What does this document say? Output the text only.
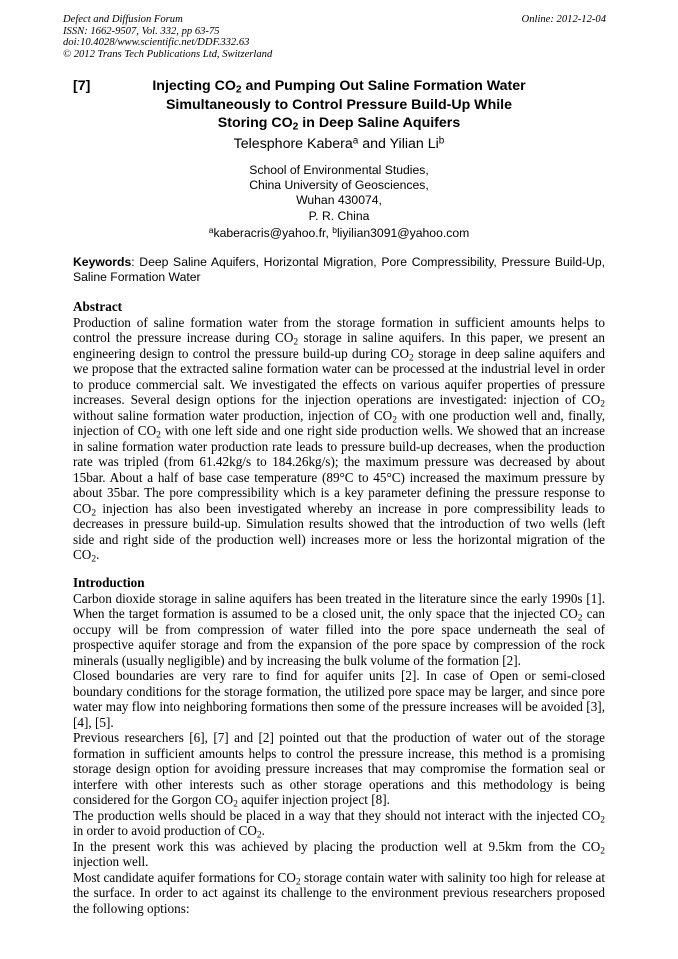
Defect and Diffusion Forum
ISSN: 1662-9507, Vol. 332, pp 63-75
doi:10.4028/www.scientific.net/DDF.332.63
© 2012 Trans Tech Publications Ltd, Switzerland
Online: 2012-12-04
[7]	Injecting $CO_2$ and Pumping Out Saline Formation Water
Simultaneously to Control Pressure Build-Up While
Storing $CO_2$ in Deep Saline Aquifers
Telesphore Kabera$^a$ and Yilian Li$^b$
School of Environmental Studies,
China University of Geosciences,
Wuhan 430074,
P. R. China
$^a$kaberacris@yahoo.fr, $^b$liyilian3091@yahoo.com
Keywords: Deep Saline Aquifers, Horizontal Migration, Pore Compressibility, Pressure Build-Up, Saline Formation Water
Abstract

Production of saline formation water from the storage formation in sufficient amounts helps to control the pressure increase during $CO_2$ storage in saline aquifers. In this paper, we present an engineering design to control the pressure build-up during $CO_2$ storage in deep saline aquifers and we propose that the extracted saline formation water can be processed at the industrial level in order to produce commercial salt. We investigated the effects on various aquifer properties of pressure increases. Several design options for the injection operations are investigated: injection of $CO_2$ without saline formation water production, injection of $CO_2$ with one production well and, finally, injection of $CO_2$ with one left side and one right side production wells. We showed that an increase in saline formation water production rate leads to pressure build-up decreases, when the production rate was tripled (from 61.42kg/s to 184.26kg/s); the maximum pressure was decreased by about 15bar. About a half of base case temperature (89°C to 45°C) increased the maximum pressure by about 35bar. The pore compressibility which is a key parameter defining the pressure response to $CO_2$ injection has also been investigated whereby an increase in pore compressibility leads to decreases in pressure build-up. Simulation results showed that the introduction of two wells (left side and right side of the production well) increases more or less the horizontal migration of the $CO_2$.

Introduction

Carbon dioxide storage in saline aquifers has been treated in the literature since the early 1990s [1]. When the target formation is assumed to be a closed unit, the only space that the injected $CO_2$ can occupy will be from compression of water filled into the pore space underneath the seal of prospective aquifer storage and from the expansion of the pore space by compression of the rock minerals (usually negligible) and by increasing the bulk volume of the formation [2].

Closed boundaries are very rare to find for aquifer units [2]. In case of Open or semi-closed boundary conditions for the storage formation, the utilized pore space may be larger, and since pore water may flow into neighboring formations then some of the pressure increases will be avoided [3], [4], [5].

Previous researchers [6], [7] and [2] pointed out that the production of water out of the storage formation in sufficient amounts helps to control the pressure increase, this method is a promising storage design option for avoiding pressure increases that may compromise the formation seal or interfere with other interests such as other storage operations and this methodology is being considered for the Gorgon $CO_2$ aquifer injection project [8].

The production wells should be placed in a way that they should not interact with the injected $CO_2$ in order to avoid production of $CO_2$.

In the present work this was achieved by placing the production well at 9.5km from the $CO_2$ injection well.

Most candidate aquifer formations for $CO_2$ storage contain water with salinity too high for release at the surface. In order to act against its challenge to the environment previous researchers proposed the following options:
